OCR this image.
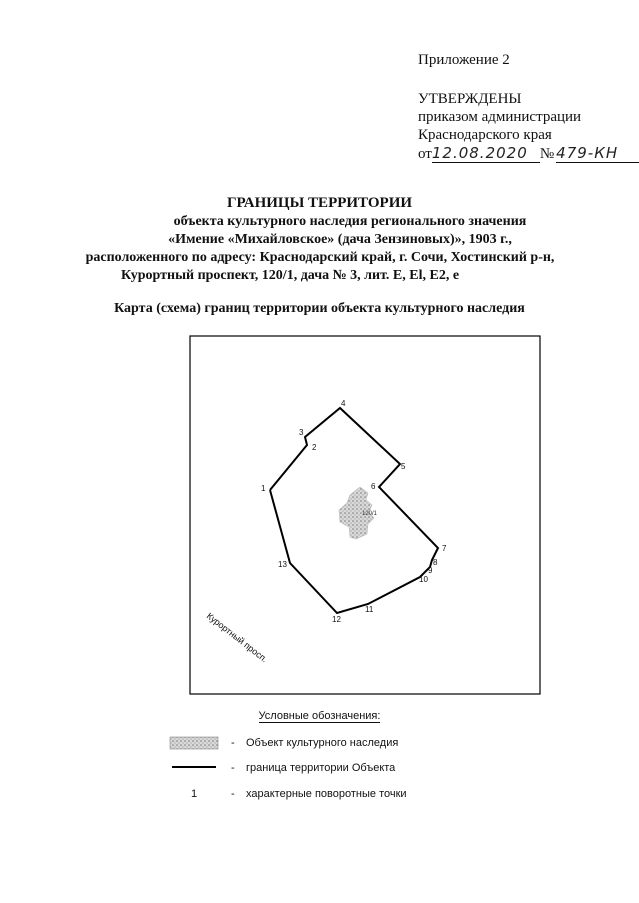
Приложение 2
УТВЕРЖДЕНЫ
приказом администрации
Краснодарского края
от12.08.2020 № 479-КН
ГРАНИЦЫ ТЕРРИТОРИИ
объекта культурного наследия регионального значения
«Имение «Михайловское» (дача Зензиновых)», 1903 г.,
расположенного по адресу: Краснодарский край, г. Сочи, Хостинский р-н,
Курортный проспект, 120/1, дача № 3, лит. Е, El, Е2, е
Карта (схема) границ территории объекта культурного наследия
120/1
1
2
3
4
5
6
7
8
9
10
11
12
13
Курортный просп.
Условные обозначения:
- Объект культурного наследия
- граница территории Объекта
1	- характерные поворотные точки
